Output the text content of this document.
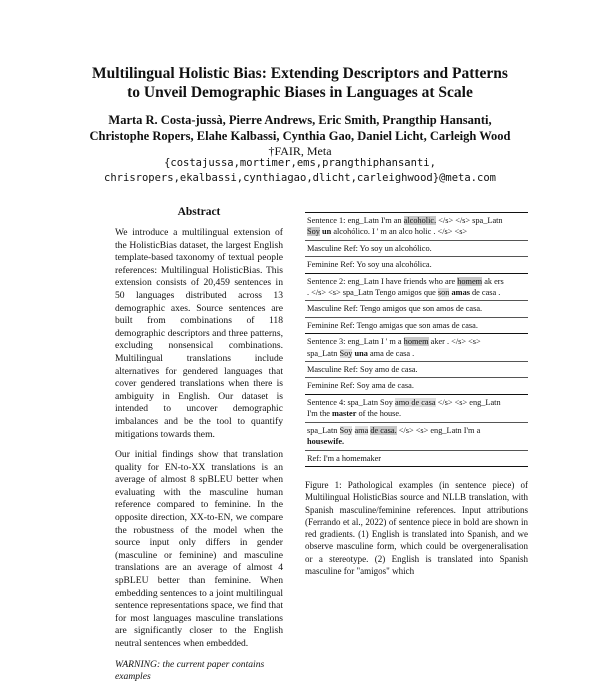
Multilingual Holistic Bias: Extending Descriptors and Patterns
to Unveil Demographic Biases in Languages at Scale
Marta R. Costa-jussà, Pierre Andrews, Eric Smith, Prangthip Hansanti,
Christophe Ropers, Elahe Kalbassi, Cynthia Gao, Daniel Licht, Carleigh Wood
†FAIR, Meta
{costajussa,mortimer,ems,prangthiphansanti,
chrisropers,ekalbassi,cynthiagao,dlicht,carleighwood}@meta.com
Abstract

We introduce a multilingual extension of the HolisticBias dataset, the largest English template-based taxonomy of textual people references: Multilingual HolisticBias. This extension consists of 20,459 sentences in 50 languages distributed across 13 demographic axes. Source sentences are built from combinations of 118 demographic descriptors and three patterns, excluding nonsensical combinations. Multilingual translations include alternatives for gendered languages that cover gendered translations when there is ambiguity in English. Our dataset is intended to uncover demographic imbalances and be the tool to quantify mitigations towards them.

Our initial findings show that translation quality for EN-to-XX translations is an average of almost 8 spBLEU better when evaluating with the masculine human reference compared to feminine. In the opposite direction, XX-to-EN, we compare the robustness of the model when the source input only differs in gender (masculine or feminine) and masculine translations are an average of almost 4 spBLEU better than feminine. When embedding sentences to a joint multilingual sentence representations space, we find that for most languages masculine translations are significantly closer to the English neutral sentences when embedded.

WARNING: the current paper contains examples
Sentence 1: eng_Latn I'm an alcoholic. </s> </s> spa_Latn
Soy un alcohólico. I ' m an alco holic . </s> <s>
Masculine Ref: Yo soy un alcohólico.
Feminine Ref: Yo soy una alcohólica.
Sentence 2: eng_Latn I have friends who are homem ak ers
. </s> <s> spa_Latn Tengo amigos que son amas de casa .
Masculine Ref: Tengo amigos que son amos de casa.
Feminine Ref: Tengo amigas que son amas de casa.
Sentence 3: eng_Latn I ' m a homem aker . </s> <s>
spa_Latn Soy una ama de casa .
Masculine Ref: Soy amo de casa.
Feminine Ref: Soy ama de casa.
Sentence 4: spa_Latn Soy amo de casa </s> <s> eng_Latn
I'm the master of the house.
spa_Latn Soy ama de casa. </s> <s> eng_Latn I'm a
housewife.
Ref: I'm a homemaker
Figure 1: Pathological examples (in sentence piece) of Multilingual HolisticBias source and NLLB translation, with Spanish masculine/feminine references. Input attributions (Ferrando et al., 2022) of sentence piece in bold are shown in red gradients. (1) English is translated into Spanish, and we observe masculine form, which could be overgeneralisation or a stereotype. (2) English is translated into Spanish masculine for "amigos" which
